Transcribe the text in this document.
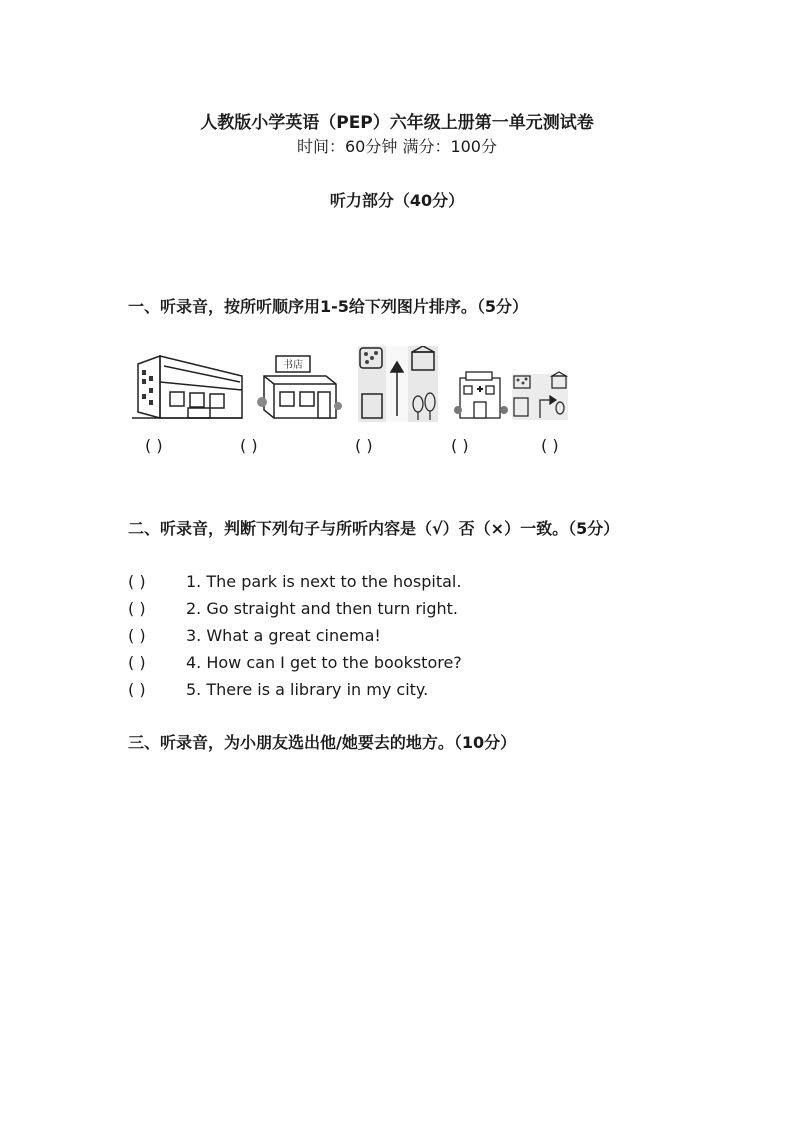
人教版小学英语（PEP）六年级上册第一单元测试卷
时间：60分钟 满分：100分
听力部分（40分）
一、听录音，按所听顺序用1-5给下列图片排序。（5分）
书店
( )	( )	( )	( )	( )
二、听录音，判断下列句子与所听内容是（√）否（×）一致。（5分）
( )	1. The park is next to the hospital.
( )	2. Go straight and then turn right.
( )	3. What a great cinema!
( )	4. How can I get to the bookstore?
( )	5. There is a library in my city.
三、听录音，为小朋友选出他/她要去的地方。（10分）
